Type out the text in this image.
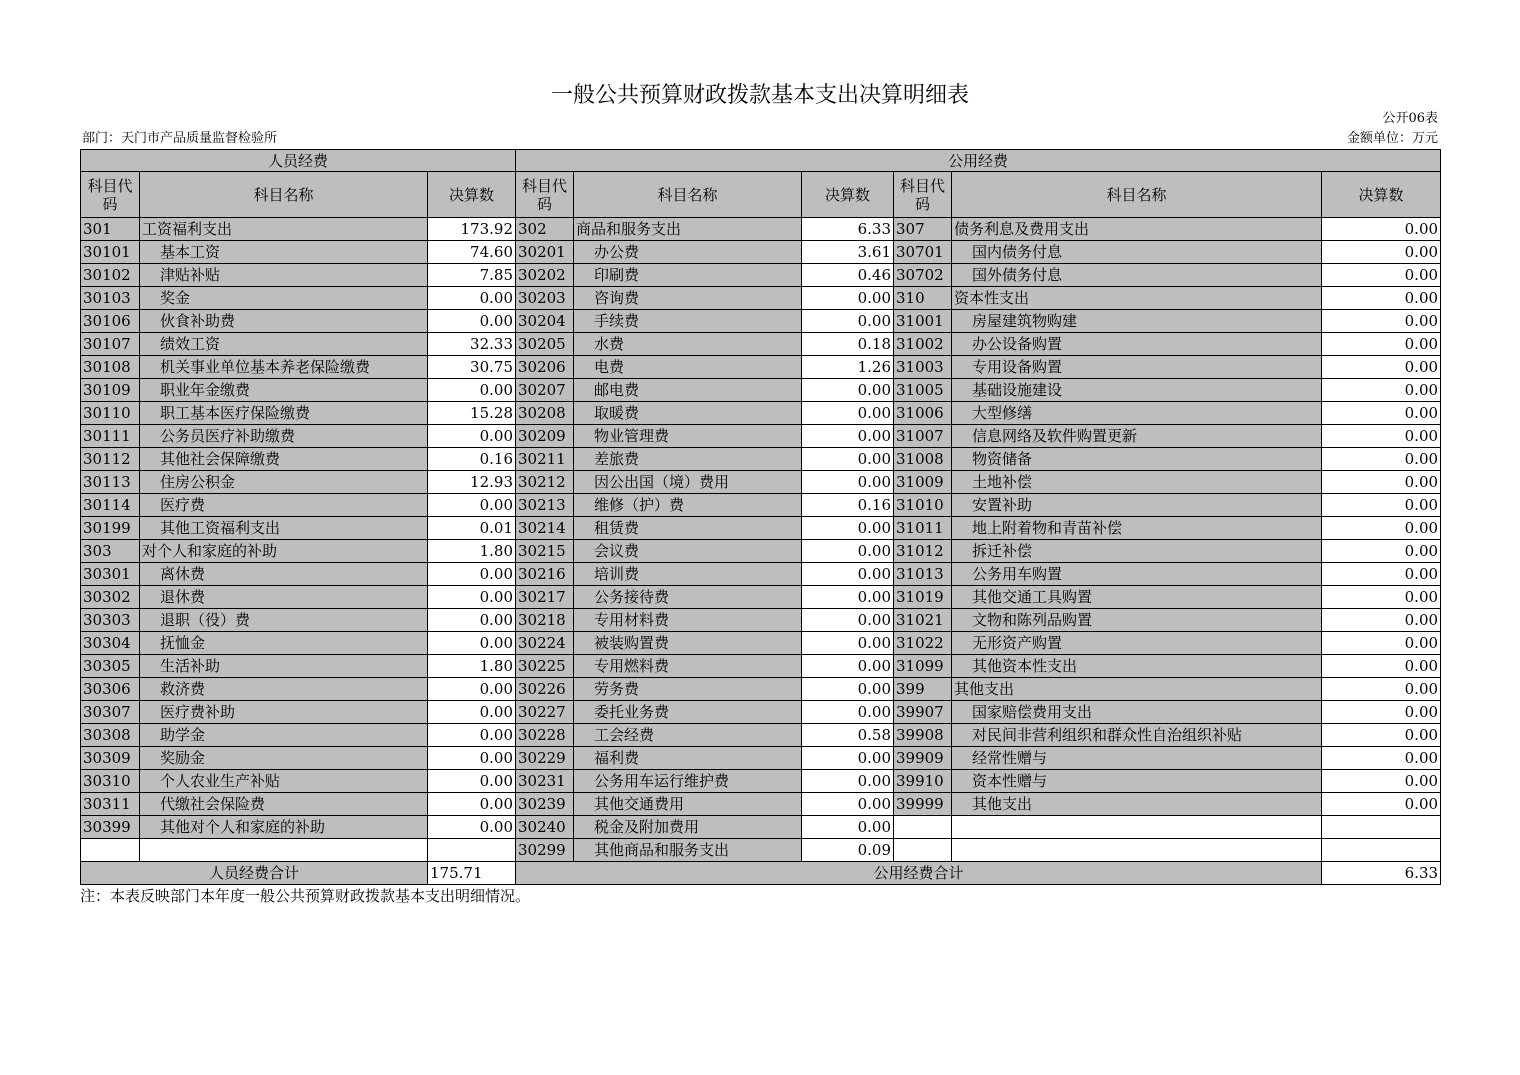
一般公共预算财政拨款基本支出决算明细表
公开06表
部门：天门市产品质量监督检验所	金额单位：万元
人员经费			公用经费					
科目代码	科目名称	决算数	科目代码	科目名称	决算数	科目代码	科目名称	决算数
301	工资福利支出	173.92	302	商品和服务支出	6.33	307	债务利息及费用支出	0.00
30101	基本工资	74.60	30201	办公费	3.61	30701	国内债务付息	0.00
30102	津贴补贴	7.85	30202	印刷费	0.46	30702	国外债务付息	0.00
30103	奖金	0.00	30203	咨询费	0.00	310	资本性支出	0.00
30106	伙食补助费	0.00	30204	手续费	0.00	31001	房屋建筑物购建	0.00
30107	绩效工资	32.33	30205	水费	0.18	31002	办公设备购置	0.00
30108	机关事业单位基本养老保险缴费	30.75	30206	电费	1.26	31003	专用设备购置	0.00
30109	职业年金缴费	0.00	30207	邮电费	0.00	31005	基础设施建设	0.00
30110	职工基本医疗保险缴费	15.28	30208	取暖费	0.00	31006	大型修缮	0.00
30111	公务员医疗补助缴费	0.00	30209	物业管理费	0.00	31007	信息网络及软件购置更新	0.00
30112	其他社会保障缴费	0.16	30211	差旅费	0.00	31008	物资储备	0.00
30113	住房公积金	12.93	30212	因公出国（境）费用	0.00	31009	土地补偿	0.00
30114	医疗费	0.00	30213	维修（护）费	0.16	31010	安置补助	0.00
30199	其他工资福利支出	0.01	30214	租赁费	0.00	31011	地上附着物和青苗补偿	0.00
303	对个人和家庭的补助	1.80	30215	会议费	0.00	31012	拆迁补偿	0.00
30301	离休费	0.00	30216	培训费	0.00	31013	公务用车购置	0.00
30302	退休费	0.00	30217	公务接待费	0.00	31019	其他交通工具购置	0.00
30303	退职（役）费	0.00	30218	专用材料费	0.00	31021	文物和陈列品购置	0.00
30304	抚恤金	0.00	30224	被装购置费	0.00	31022	无形资产购置	0.00
30305	生活补助	1.80	30225	专用燃料费	0.00	31099	其他资本性支出	0.00
30306	救济费	0.00	30226	劳务费	0.00	399	其他支出	0.00
30307	医疗费补助	0.00	30227	委托业务费	0.00	39907	国家赔偿费用支出	0.00
30308	助学金	0.00	30228	工会经费	0.58	39908	对民间非营利组织和群众性自治组织补贴	0.00
30309	奖励金	0.00	30229	福利费	0.00	39909	经常性赠与	0.00
30310	个人农业生产补贴	0.00	30231	公务用车运行维护费	0.00	39910	资本性赠与	0.00
30311	代缴社会保险费	0.00	30239	其他交通费用	0.00	39999	其他支出	0.00
30399	其他对个人和家庭的补助	0.00	30240	税金及附加费用	0.00			
			30299	其他商品和服务支出	0.09			
人员经费合计		175.71	公用经费合计					6.33
注：本表反映部门本年度一般公共预算财政拨款基本支出明细情况。
